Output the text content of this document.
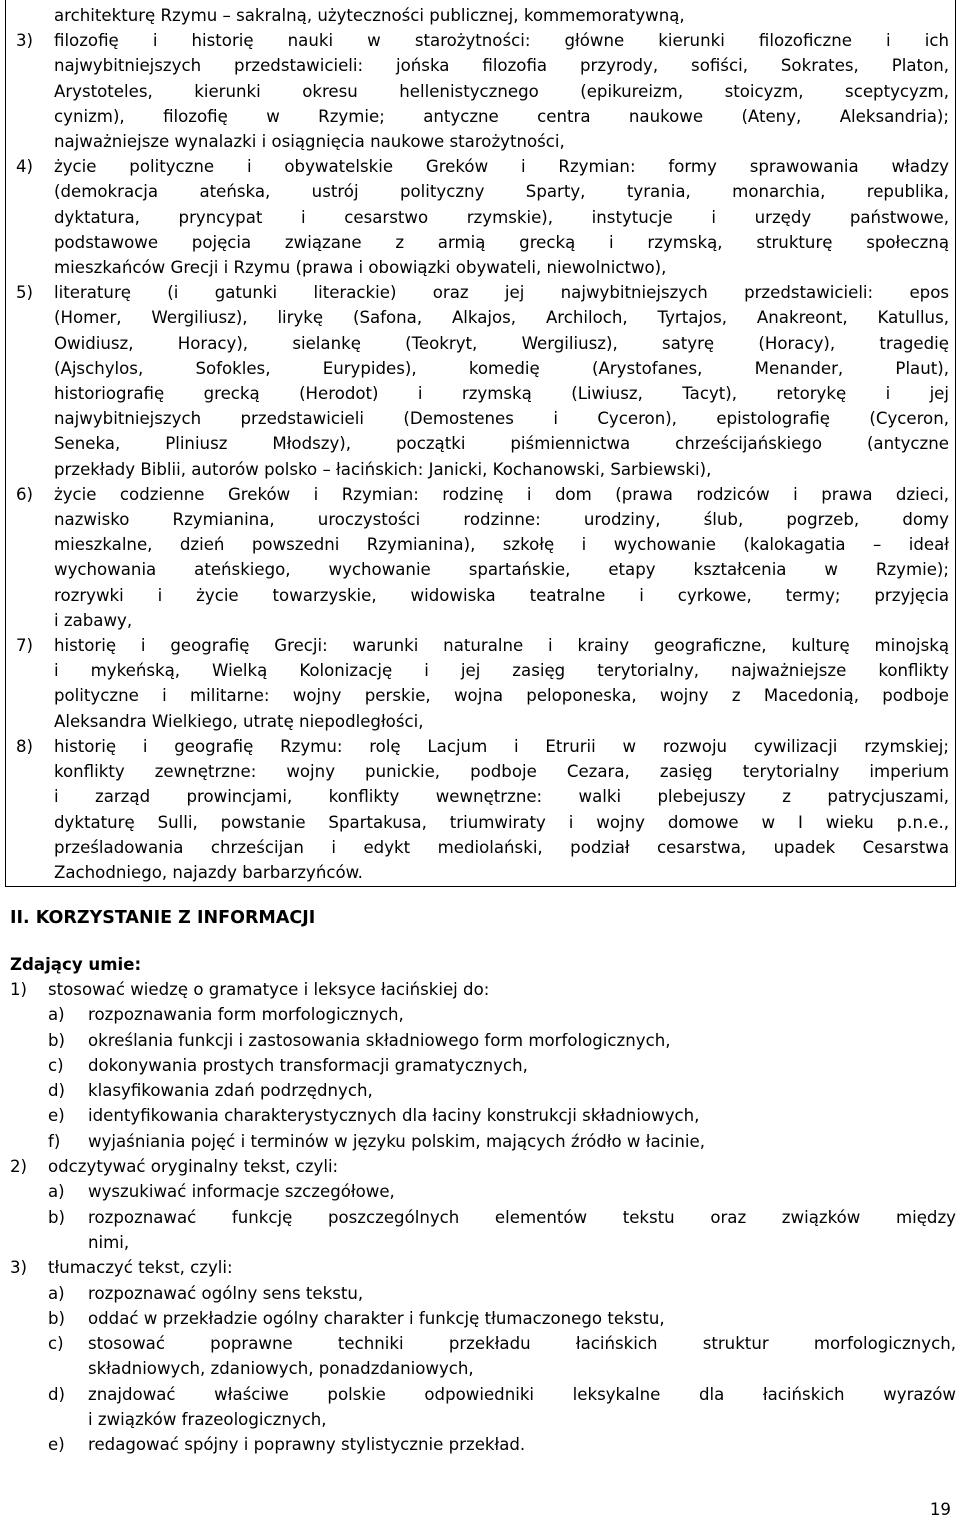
architekturę Rzymu – sakralną, użyteczności publicznej, kommemoratywną,
3)	filozofię i historię nauki w starożytności: główne kierunki filozoficzne i ich
najwybitniejszych przedstawicieli: jońska filozofia przyrody, sofiści, Sokrates, Platon,
Arystoteles, kierunki okresu hellenistycznego (epikureizm, stoicyzm, sceptycyzm,
cynizm), filozofię w Rzymie; antyczne centra naukowe (Ateny, Aleksandria);
najważniejsze wynalazki i osiągnięcia naukowe starożytności,
4)	życie polityczne i obywatelskie Greków i Rzymian: formy sprawowania władzy
(demokracja ateńska, ustrój polityczny Sparty, tyrania, monarchia, republika,
dyktatura, pryncypat i cesarstwo rzymskie), instytucje i urzędy państwowe,
podstawowe pojęcia związane z armią grecką i rzymską, strukturę społeczną
mieszkańców Grecji i Rzymu (prawa i obowiązki obywateli, niewolnictwo),
5)	literaturę (i gatunki literackie) oraz jej najwybitniejszych przedstawicieli: epos
(Homer, Wergiliusz), lirykę (Safona, Alkajos, Archiloch, Tyrtajos, Anakreont, Katullus,
Owidiusz, Horacy), sielankę (Teokryt, Wergiliusz), satyrę (Horacy), tragedię
(Ajschylos, Sofokles, Eurypides), komedię (Arystofanes, Menander, Plaut),
historiografię grecką (Herodot) i rzymską (Liwiusz, Tacyt), retorykę i jej
najwybitniejszych przedstawicieli (Demostenes i Cyceron), epistolografię (Cyceron,
Seneka, Pliniusz Młodszy), początki piśmiennictwa chrześcijańskiego (antyczne
przekłady Biblii, autorów polsko – łacińskich: Janicki, Kochanowski, Sarbiewski),
6)	życie codzienne Greków i Rzymian: rodzinę i dom (prawa rodziców i prawa dzieci,
nazwisko Rzymianina, uroczystości rodzinne: urodziny, ślub, pogrzeb, domy
mieszkalne, dzień powszedni Rzymianina), szkołę i wychowanie (kalokagatia – ideał
wychowania ateńskiego, wychowanie spartańskie, etapy kształcenia w Rzymie);
rozrywki i życie towarzyskie, widowiska teatralne i cyrkowe, termy; przyjęcia
i zabawy,
7)	historię i geografię Grecji: warunki naturalne i krainy geograficzne, kulturę minojską
i mykeńską, Wielką Kolonizację i jej zasięg terytorialny, najważniejsze konflikty
polityczne i militarne: wojny perskie, wojna peloponeska, wojny z Macedonią, podboje
Aleksandra Wielkiego, utratę niepodległości,
8)	historię i geografię Rzymu: rolę Lacjum i Etrurii w rozwoju cywilizacji rzymskiej;
konflikty zewnętrzne: wojny punickie, podboje Cezara, zasięg terytorialny imperium
i zarząd prowincjami, konflikty wewnętrzne: walki plebejuszy z patrycjuszami,
dyktaturę Sulli, powstanie Spartakusa, triumwiraty i wojny domowe w I wieku p.n.e.,
prześladowania chrześcijan i edykt mediolański, podział cesarstwa, upadek Cesarstwa
Zachodniego, najazdy barbarzyńców.
II. KORZYSTANIE Z INFORMACJI
Zdający umie:
1)	stosować wiedzę o gramatyce i leksyce łacińskiej do:
a)	rozpoznawania form morfologicznych,
b)	określania funkcji i zastosowania składniowego form morfologicznych,
c)	dokonywania prostych transformacji gramatycznych,
d)	klasyfikowania zdań podrzędnych,
e)	identyfikowania charakterystycznych dla łaciny konstrukcji składniowych,
f)	wyjaśniania pojęć i terminów w języku polskim, mających źródło w łacinie,
2)	odczytywać oryginalny tekst, czyli:
a)	wyszukiwać informacje szczegółowe,
b)	rozpoznawać funkcję poszczególnych elementów tekstu oraz związków między
nimi,
3)	tłumaczyć tekst, czyli:
a)	rozpoznawać ogólny sens tekstu,
b)	oddać w przekładzie ogólny charakter i funkcję tłumaczonego tekstu,
c)	stosować poprawne techniki przekładu łacińskich struktur morfologicznych,
składniowych, zdaniowych, ponadzdaniowych,
d)	znajdować właściwe polskie odpowiedniki leksykalne dla łacińskich wyrazów
i związków frazeologicznych,
e)	redagować spójny i poprawny stylistycznie przekład.
19
